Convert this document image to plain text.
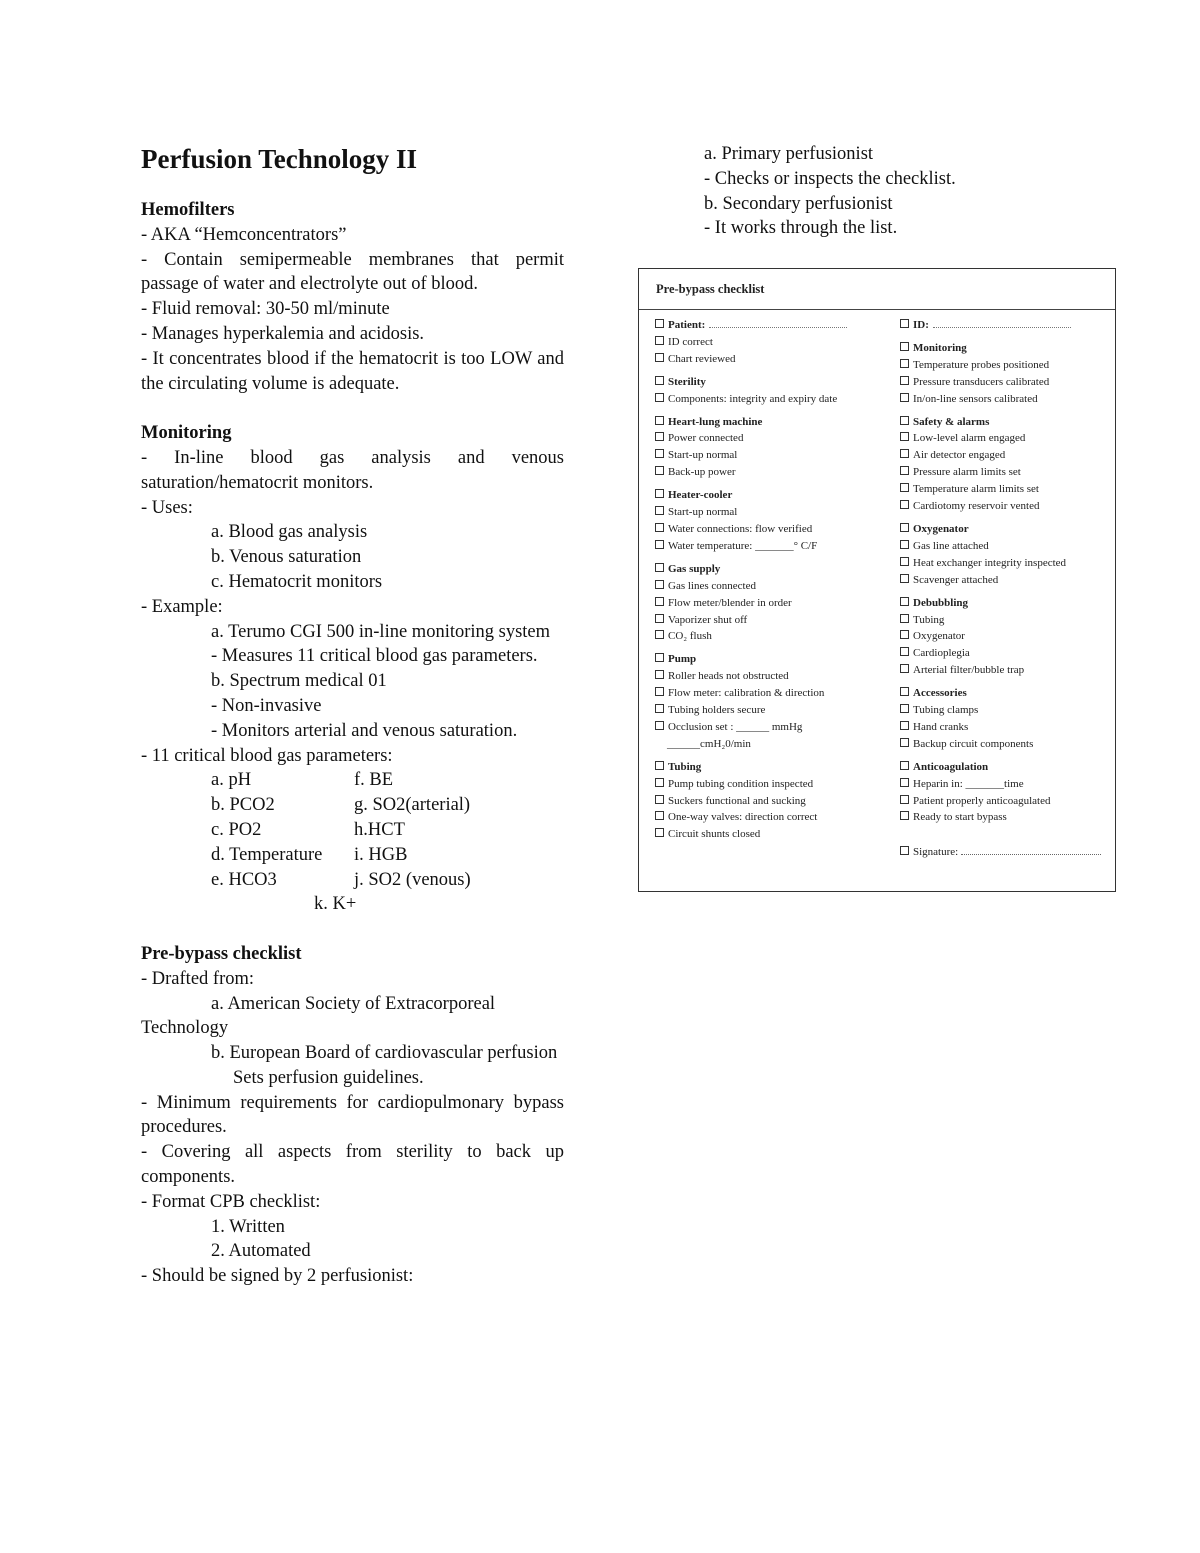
Perfusion Technology II
Hemofilters
- AKA “Hemconcentrators”
- Contain semipermeable membranes that permit passage of water and electrolyte out of blood.
- Fluid removal: 30-50 ml/minute
- Manages hyperkalemia and acidosis.
- It concentrates blood if the hematocrit is too LOW and the circulating volume is adequate.
Monitoring
- In-line blood gas analysis and venous saturation/hematocrit monitors.
- Uses:
a. Blood gas analysis
b. Venous saturation
c. Hematocrit monitors
- Example:
a. Terumo CGI 500 in-line monitoring system
- Measures 11 critical blood gas parameters.
b. Spectrum medical 01
- Non-invasive
- Monitors arterial and venous saturation.
- 11 critical blood gas parameters:
a. pH	f. BE
b. PCO2	g. SO2(arterial)
c. PO2	h.HCT
d. Temperature	i. HGB
e. HCO3	j. SO2 (venous)
k. K+
Pre-bypass checklist
- Drafted from:
a. American Society of Extracorporeal Technology
b. European Board of cardiovascular perfusion
Sets perfusion guidelines.
- Minimum requirements for cardiopulmonary bypass procedures.
- Covering all aspects from sterility to back up components.
- Format CPB checklist:
1. Written
2. Automated
- Should be signed by 2 perfusionist:
a. Primary perfusionist
- Checks or inspects the checklist.
b. Secondary perfusionist
- It works through the list.
Pre-bypass checklist
Patient:
ID correct
Chart reviewed
Sterility
Components: integrity and expiry date
Heart-lung machine
Power connected
Start-up normal
Back-up power
Heater-cooler
Start-up normal
Water connections: flow verified
Water temperature: _______° C/F
Gas supply
Gas lines connected
Flow meter/blender in order
Vaporizer shut off
CO₂ flush
Pump
Roller heads not obstructed
Flow meter: calibration & direction
Tubing holders secure
Occlusion set : ______ mmHg
______cmH₂0/min
Tubing
Pump tubing condition inspected
Suckers functional and sucking
One-way valves: direction correct
Circuit shunts closed
ID:
Monitoring
Temperature probes positioned
Pressure transducers calibrated
In/on-line sensors calibrated
Safety & alarms
Low-level alarm engaged
Air detector engaged
Pressure alarm limits set
Temperature alarm limits set
Cardiotomy reservoir vented
Oxygenator
Gas line attached
Heat exchanger integrity inspected
Scavenger attached
Debubbling
Tubing
Oxygenator
Cardioplegia
Arterial filter/bubble trap
Accessories
Tubing clamps
Hand cranks
Backup circuit components
Anticoagulation
Heparin in: _______time
Patient properly anticoagulated
Ready to start bypass
Signature:
